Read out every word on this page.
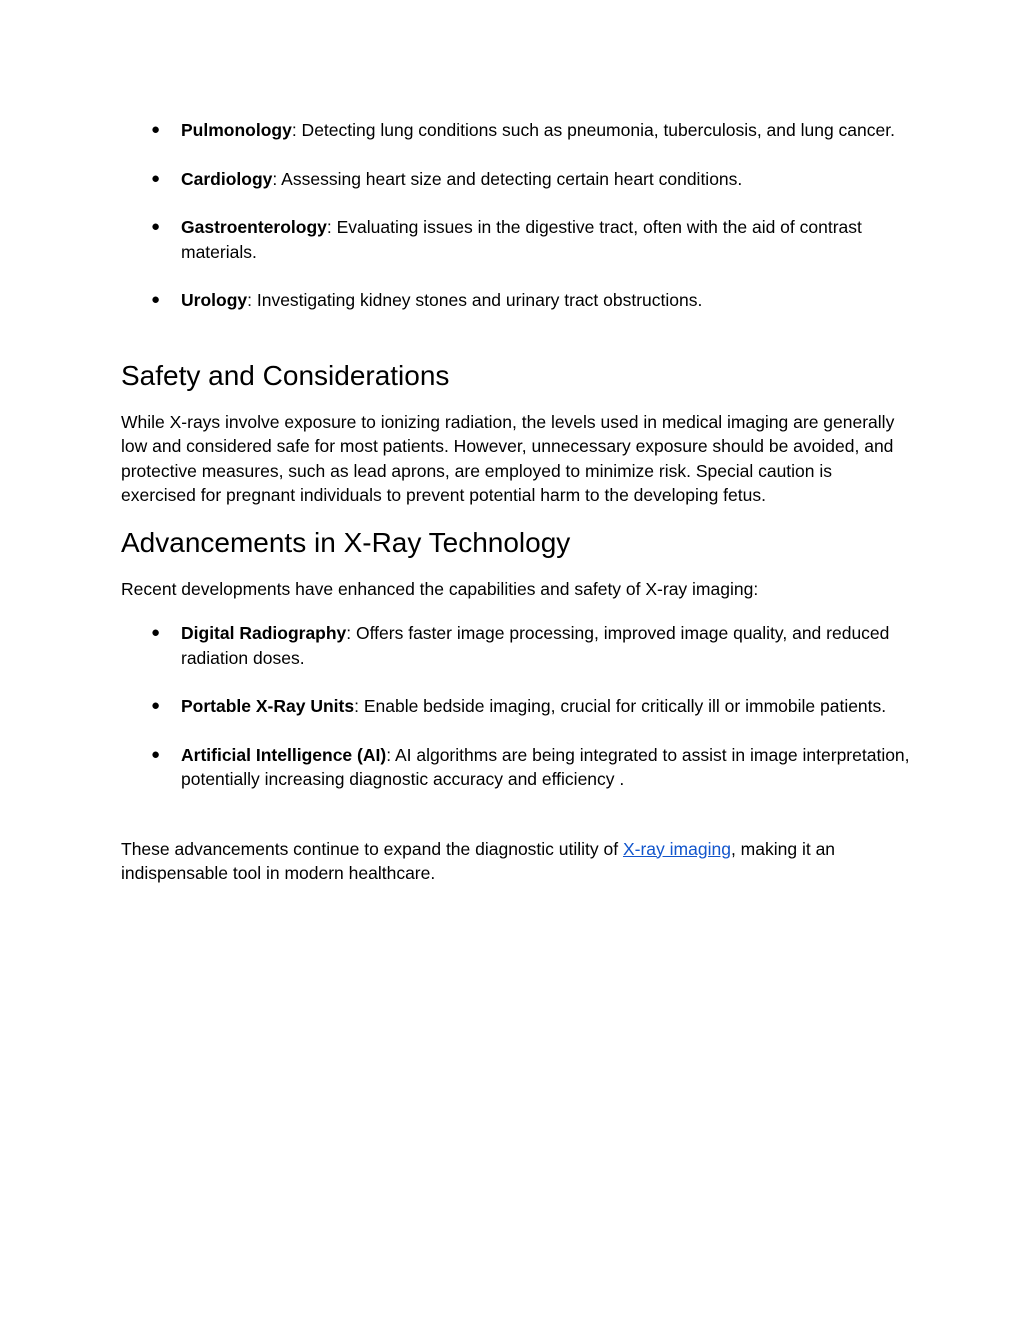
● Pulmonology: Detecting lung conditions such as pneumonia, tuberculosis, and lung cancer.
● Cardiology: Assessing heart size and detecting certain heart conditions.
● Gastroenterology: Evaluating issues in the digestive tract, often with the aid of contrast materials.
● Urology: Investigating kidney stones and urinary tract obstructions.
Safety and Considerations

While X-rays involve exposure to ionizing radiation, the levels used in medical imaging are generally low and considered safe for most patients. However, unnecessary exposure should be avoided, and protective measures, such as lead aprons, are employed to minimize risk. Special caution is exercised for pregnant individuals to prevent potential harm to the developing fetus.

Advancements in X-Ray Technology

Recent developments have enhanced the capabilities and safety of X-ray imaging:

● Digital Radiography: Offers faster image processing, improved image quality, and reduced radiation doses.
● Portable X-Ray Units: Enable bedside imaging, crucial for critically ill or immobile patients.
● Artificial Intelligence (AI): AI algorithms are being integrated to assist in image interpretation, potentially increasing diagnostic accuracy and efficiency .

These advancements continue to expand the diagnostic utility of X-ray imaging, making it an indispensable tool in modern healthcare.
